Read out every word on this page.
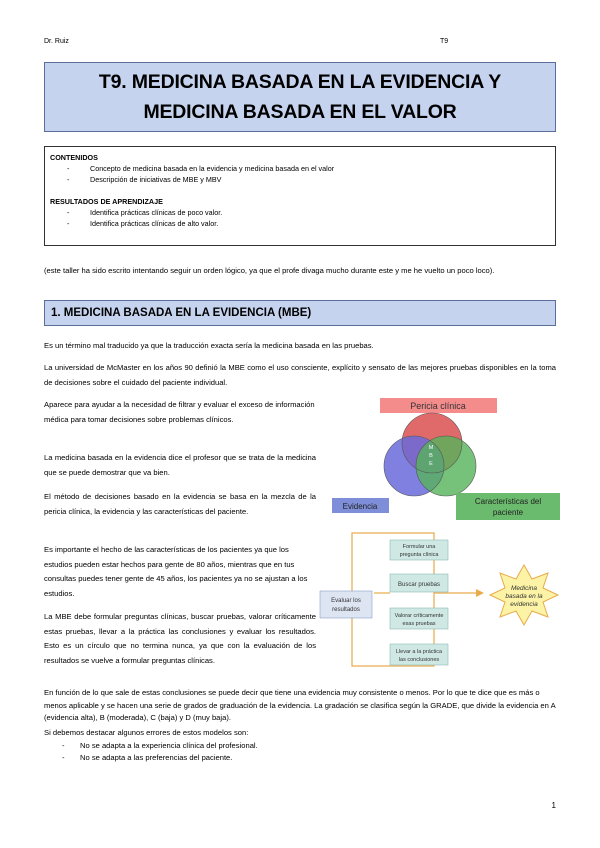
Dr. Ruiz	T9
T9. MEDICINA BASADA EN LA EVIDENCIA Y
MEDICINA BASADA EN EL VALOR
CONTENIDOS
- Concepto de medicina basada en la evidencia y medicina basada en el valor
- Descripción de iniciativas de MBE y MBV
RESULTADOS DE APRENDIZAJE
- Identifica prácticas clínicas de poco valor.
- Identifica prácticas clínicas de alto valor.
(este taller ha sido escrito intentando seguir un orden lógico, ya que el profe divaga mucho durante este y me he vuelto un poco loco).
1. MEDICINA BASADA EN LA EVIDENCIA (MBE)
Es un término mal traducido ya que la traducción exacta sería la medicina basada en las pruebas.
La universidad de McMaster en los años 90 definió la MBE como el uso consciente, explícito y sensato de las mejores pruebas disponibles en la toma de decisiones sobre el cuidado del paciente individual.
Aparece para ayudar a la necesidad de filtrar y evaluar el exceso de información médica para tomar decisiones sobre problemas clínicos.
La medicina basada en la evidencia dice el profesor que se trata de la medicina que se puede demostrar que va bien.
El método de decisiones basado en la evidencia se basa en la mezcla de la pericia clínica, la evidencia y las características del paciente.
Es importante el hecho de las características de los pacientes ya que los estudios pueden estar hechos para gente de 80 años, mientras que en tus consultas puedes tener gente de 45 años, los pacientes ya no se ajustan a los estudios.
La MBE debe formular preguntas clínicas, buscar pruebas, valorar críticamente estas pruebas, llevar a la práctica las conclusiones y evaluar los resultados. Esto es un círculo que no termina nunca, ya que con la evaluación de los resultados se vuelve a formular preguntas clínicas.
En función de lo que sale de estas conclusiones se puede decir que tiene una evidencia muy consistente o menos. Por lo que te dice que es más o menos aplicable y se hacen una serie de grados de graduación de la evidencia. La gradación se clasifica según la GRADE, que divide la evidencia en A (evidencia alta), B (moderada), C (baja) y D (muy baja).
Si debemos destacar algunos errores de estos modelos son:
- No se adapta a la experiencia clínica del profesional.
- No se adapta a las preferencias del paciente.
Pericia clínica
M
B
E
Evidencia
Características del
paciente
Evaluar los
resultados
Formular una
pregunta clínica
Buscar pruebas
Valorar críticamente
esas pruebas
Llevar a la práctica
las conclusiones
Medicina
basada en la
evidencia
1
